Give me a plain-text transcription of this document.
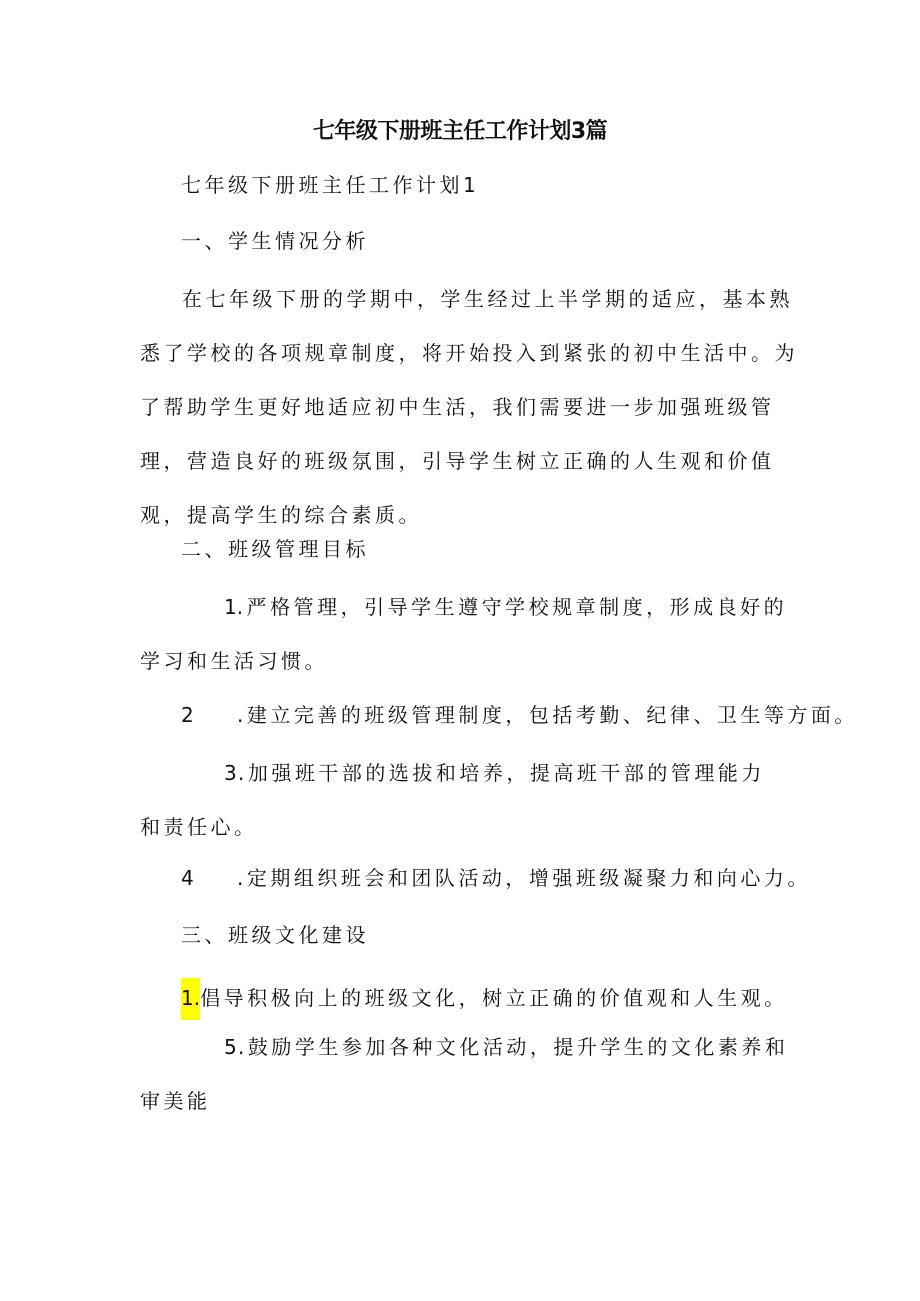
七年级下册班主任工作计划3篇
七年级下册班主任工作计划1
一、学生情况分析
在七年级下册的学期中，学生经过上半学期的适应，基本熟悉了学校的各项规章制度，将开始投入到紧张的初中生活中。为了帮助学生更好地适应初中生活，我们需要进一步加强班级管理，营造良好的班级氛围，引导学生树立正确的人生观和价值观，提高学生的综合素质。
二、班级管理目标
1.严格管理，引导学生遵守学校规章制度，形成良好的学习和生活习惯。
2 .建立完善的班级管理制度，包括考勤、纪律、卫生等方面。
3.加强班干部的选拔和培养，提高班干部的管理能力和责任心。
4 .定期组织班会和团队活动，增强班级凝聚力和向心力。
三、班级文化建设
1.倡导积极向上的班级文化，树立正确的价值观和人生观。
5.鼓励学生参加各种文化活动，提升学生的文化素养和审美能
